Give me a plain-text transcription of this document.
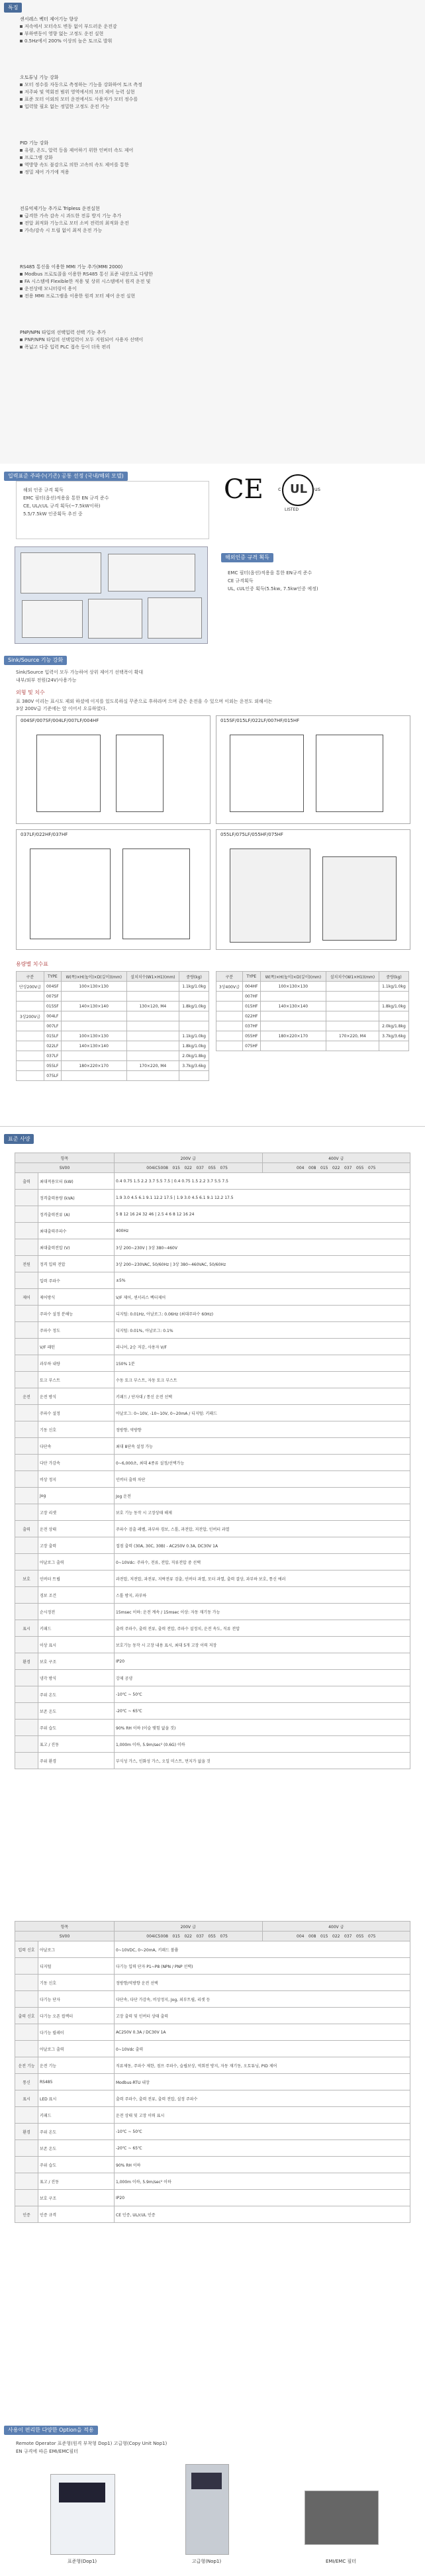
특징
센서레스 벡터 제어기능 향상
저속에서 모터속도 변동 없이 부드러운 운전감
부하변동이 영향 없는 고정도 운전 실현
0.5Hz에서 200% 이상의 높은 토크로 발휘
오토튜닝 기능 강화
모터 정수를 자동으로 측정하는 기능을 강화하여 토크 측정
저주파 및 역회전 범위 영역에서의 모터 제어 능력 실현
표준 모터 이외의 모터 운전에서도 사용자가 모터 정수를
입력할 필요 없는 정밀한 고정도 운전 가능
PID 기능 강화
유량, 온도, 압력 등을 제어하기 위한 인버터 속도 제어
프로그램 강화
역방향 속도 불감으로 의한 고속의 속도 제어를 통한
정밀 제어 가기에 적용
전류억제기능 추가로 Tripless 운전실현
급격한 가속 감속 시 과도한 전류 방지 기능 추가
전압 최적화 기능으로 모터 소비 전력의 최적화 운전
가속/감속 시 트립 없이 최적 운전 가능
RS485 통신을 이용한 MMI 기능 추가(MMI 2000)
Modbus 프로토콜을 이용한 RS485 통신 표준 내장으로 다양한
FA 시스템에 Flexible한 적용 및 상위 시스템에서 원격 운전 및
운전상태 모니터링이 용이
전용 MMI 프로그램을 이용한 원격 모터 제어 운전 실현
PNP/NPN 타입의 선택입력 선택 기능 추가
PNP/NPN 타입의 선택입력이 모두 지원되어 사용자 선택이
폭넓고 다중 입력 PLC 접속 등이 더욱 편리
입력표준 주파수(기존) 공통 선정 (국내/해외 모델)
해외 인증 규격 획득
EMC 필터(옵션)적용을 통한 EN 규격 준수
CE, UL/cUL 규격 획득(~7.5kW이하)
5.5/7.5kW 인증획득 추진 중
CE	c UL us
LISTED
해외인증 규격 획득
EMC 필터(옵션)적용을 통한 EN규격 준수
CE 규격획득
UL, cUL인증 획득(5.5kw, 7.5kw인증 예정)
Sink/Source 기능 강화
Sink/Source 입력이 모두 가능하여 상위 제어기 선택폭이 확대
내부/외부 전원(24V)사용가능
외형 및 치수
표 380V 이리는 표시도 제외 하셨에 이지를 있도록하실 꾸준으로 후하라며 으며 같은 운전을 수 있으며 이외는 운전도 외해서는
3상 200V급 기준에는 앞 이어서 오류하였다.
004SF/007SF/004LF/007LF/004HF	015SF/015LF/022LF/007HF/015HF
037LF/022HF/037HF	055LF/075LF/055HF/075HF
용량별 치수표
구분	TYPE	W(폭)×H(높이)×D(깊이)(mm)	설치치수(W1×H1)(mm)	중량(kg)
단상200V급	004SF	100×130×130		1.1kg/1.0kg
	007SF			
	015SF	140×130×140	130×120, M4	1.8kg/1.0kg
3상200V급	004LF			
	007LF			
	015LF	100×130×130		1.1kg/1.0kg
	022LF	140×130×140		1.8kg/1.0kg
	037LF			2.0kg/1.8kg
	055LF	180×220×170	170×220, M4	3.7kg/3.6kg
	075LF			
구분	TYPE	W(폭)×H(높이)×D(깊이)(mm)	설치치수(W1×H1)(mm)	중량(kg)
3상400V급	004HF	100×130×130		1.1kg/1.0kg
	007HF			
	015HF	140×130×140		1.8kg/1.0kg
	022HF			
	037HF			2.0kg/1.8kg
	055HF	180×220×170	170×220, M4	3.7kg/3.6kg
	075HF			
표준 사양
항목		200V 급	400V 급
SV00		004iC5008 015 022 037 055 075	004 008 015 022 037 055 075
출력	최대적용모터 (kW)	0.4 0.75 1.5 2.2 3.7 5.5 7.5 | 0.4 0.75 1.5 2.2 3.7 5.5 7.5	
	정격출력용량 (kVA)	1.9 3.0 4.5 6.1 9.1 12.2 17.5 | 1.9 3.0 4.5 6.1 9.1 12.2 17.5	
	정격출력전류 (A)	5 8 12 16 24 32 46 | 2.5 4 6 8 12 16 24	
	최대출력주파수	400Hz	
	최대출력전압 (V)	3상 200~230V | 3상 380~460V	
전원	정격 입력 전압	3상 200~230VAC, 50/60Hz | 3상 380~460VAC, 50/60Hz	
	입력 주파수	±5%	
제어	제어방식	V/F 제어, 센서리스 벡터제어	
	주파수 설정 분해능	디지털: 0.01Hz, 아날로그: 0.06Hz (최대주파수 60Hz)	
	주파수 정도	디지털: 0.01%, 아날로그: 0.1%	
	V/F 패턴	리니어, 2승 저감, 사용자 V/F	
	과부하 내량	150% 1분	
	토크 부스트	수동 토크 부스트, 자동 토크 부스트	
운전	운전 방식	키패드 / 단자대 / 통신 운전 선택	
	주파수 설정	아날로그: 0~10V, -10~10V, 0~20mA / 디지털: 키패드	
	기동 신호	정방향, 역방향	
	다단속	최대 8단속 설정 가능	
	다단 가감속	0~6,000초, 최대 4종류 설정/선택가능	
	비상 정지	인버터 출력 차단	
	Jog	Jog 운전	
	고장 리셋	보호 기능 동작 시 고장상태 해제	
출력	운전 상태	주파수 검출 레벨, 과부하 경보, 스톨, 과전압, 저전압, 인버터 과열	
	고장 출력	접점 출력 (30A, 30C, 30B) - AC250V 0.3A, DC30V 1A	
	아날로그 출력	0~10Vdc: 주파수, 전류, 전압, 직류전압 중 선택	
보호	인버터 트립	과전압, 저전압, 과전류, 지락전류 검출, 인버터 과열, 모터 과열, 출력 결상, 과부하 보호, 통신 에러	
	경보 조건	스톨 방지, 과부하	
	순시정전	15msec 이하: 운전 계속 / 15msec 이상: 자동 재기동 가능	
표시	키패드	출력 주파수, 출력 전류, 출력 전압, 주파수 설정치, 운전 속도, 직류 전압	
	이상 표시	보호기능 동작 시 고장 내용 표시, 최대 5개 고장 이력 저장	
환경	보호 구조	IP20	
	냉각 방식	강제 공냉	
	주위 온도	-10℃ ~ 50℃	
	보존 온도	-20℃ ~ 65℃	
	주위 습도	90% RH 이하 (이슬 맺힘 없을 것)	
	표고 / 진동	1,000m 이하, 5.9m/sec² (0.6G) 이하	
	주위 환경	부식성 가스, 인화성 가스, 오일 미스트, 먼지가 없을 것	
항목		200V 급	400V 급
SV00		004iC5008 015 022 037 055 075	004 008 015 022 037 055 075
입력 신호	아날로그	0~10VDC, 0~20mA, 키패드 볼륨	
	디지털	다기능 입력 단자 P1~P8 (NPN / PNP 선택)	
	기동 신호	정방향/역방향 운전 선택	
	다기능 단자	다단속, 다단 가감속, 비상정지, Jog, 외부트립, 리셋 등	
출력 신호	다기능 오픈 컬렉터	고장 출력 및 인버터 상태 출력	
	다기능 릴레이	AC250V 0.3A / DC30V 1A	
	아날로그 출력	0~10Vdc 출력	
운전 기능	운전 기능	직류제동, 주파수 제한, 점프 주파수, 슬립보상, 역회전 방지, 자동 재기동, 오토튜닝, PID 제어	
통신	RS485	Modbus-RTU 내장	
표시	LED 표시	출력 주파수, 출력 전류, 출력 전압, 설정 주파수	
	키패드	운전 상태 및 고장 이력 표시	
환경	주위 온도	-10℃ ~ 50℃	
	보존 온도	-20℃ ~ 65℃	
	주위 습도	90% RH 이하	
	표고 / 진동	1,000m 이하, 5.9m/sec² 이하	
	보호 구조	IP20	
인증	인증 규격	CE 인증, UL/cUL 인증	
사용이 편리한 다양한 Option을 적용
Remote Operator 표준형(원격 부착형 Dop1) 고급형(Copy Unit Nop1)
EN 규격에 따른 EMI/EMC필터
표준형(Dop1)	고급형(Nop1)	EMI/EMC 필터
